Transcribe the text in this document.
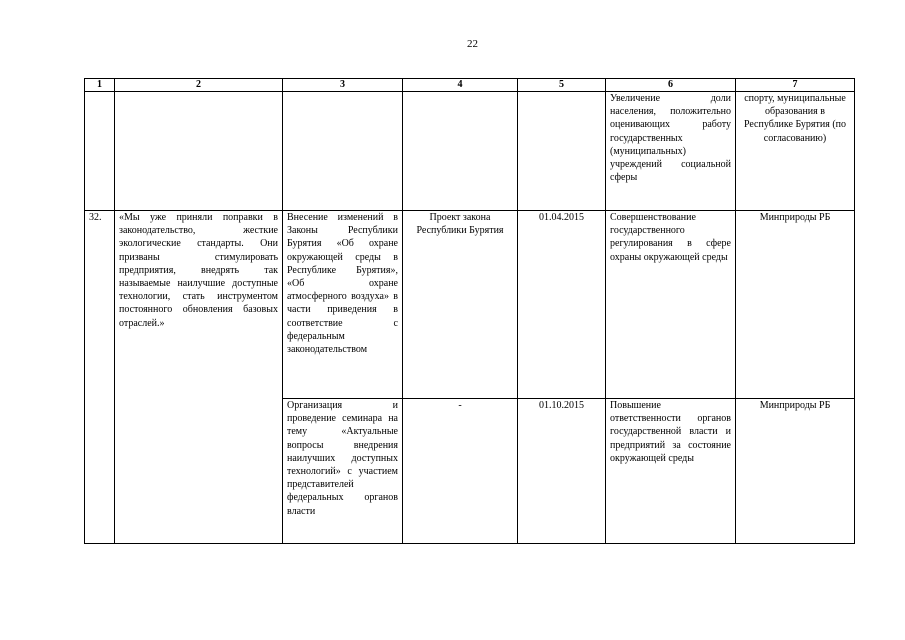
22
1	2	3	4	5	6	7
					Увеличение доли населения, положительно оценивающих работу государственных (муниципальных) учреждений социальной сферы	спорту, муниципальные образования в Республике Бурятия (по согласованию)
32.	«Мы уже приняли поправки в законодательство, жесткие экологические стандарты. Они призваны стимулировать предприятия, внедрять так называемые наилучшие доступные технологии, стать инструментом постоянного обновления базовых отраслей.»	Внесение изменений в Законы Республики Бурятия «Об охране окружающей среды в Республике Бурятия», «Об охране атмосферного воздуха» в части приведения в соответствие с федеральным законодательством	Проект закона Республики Бурятия	01.04.2015	Совершенствование государственного регулирования в сфере охраны окружающей среды	Минприроды РБ
		Организация и проведение семинара на тему «Актуальные вопросы внедрения наилучших доступных технологий» с участием представителей федеральных органов власти	-	01.10.2015	Повышение ответственности органов государственной власти и предприятий за состояние окружающей среды	Минприроды РБ
